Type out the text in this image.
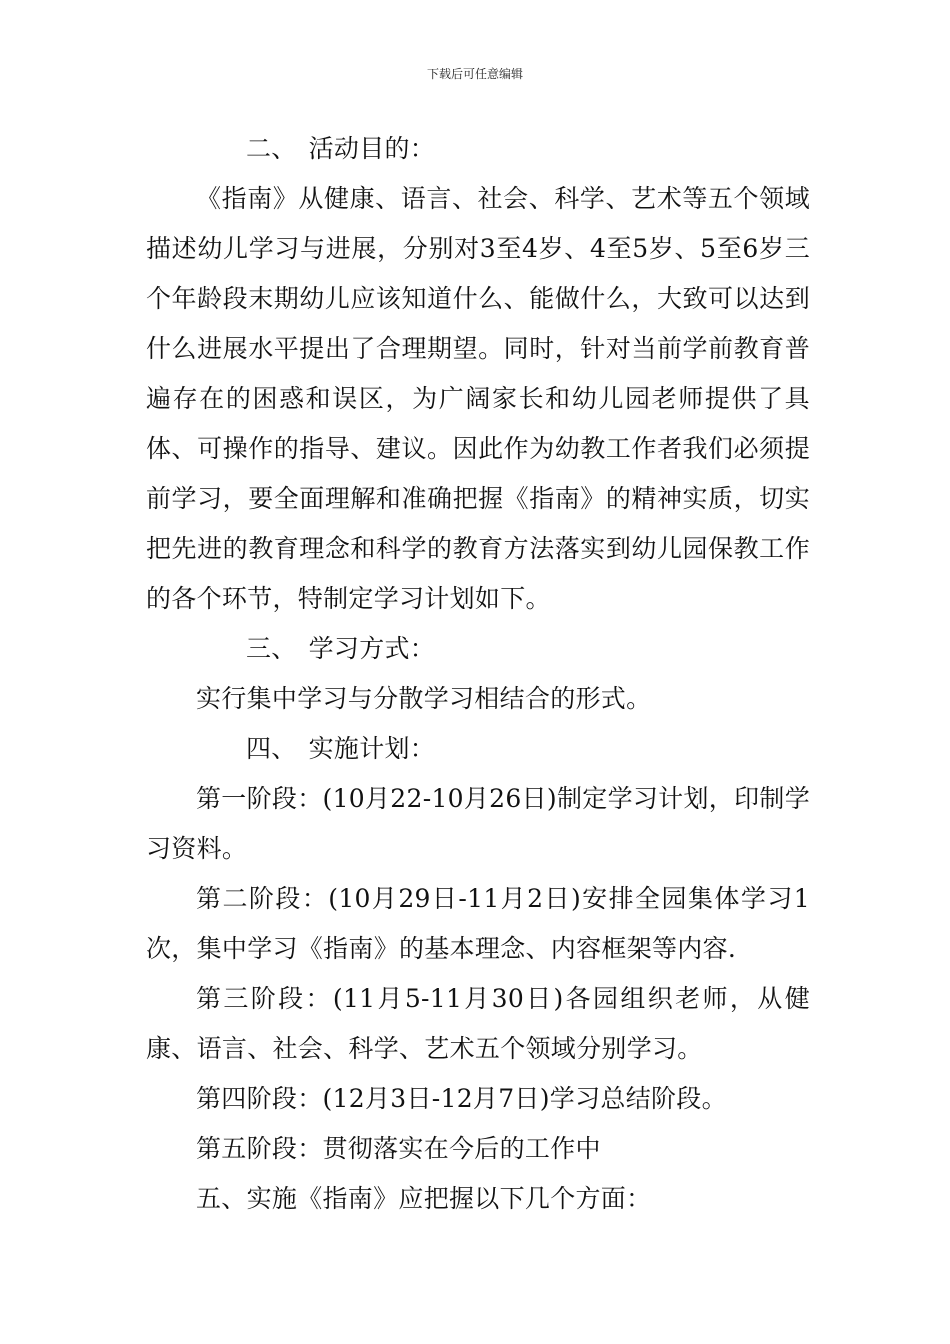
下载后可任意编辑

二、 活动目的：

《指南》从健康、语言、社会、科学、艺术等五个领域描述幼儿学习与进展，分别对3至4岁、4至5岁、5至6岁三个年龄段末期幼儿应该知道什么、能做什么，大致可以达到什么进展水平提出了合理期望。同时，针对当前学前教育普遍存在的困惑和误区，为广阔家长和幼儿园老师提供了具体、可操作的指导、建议。因此作为幼教工作者我们必须提前学习，要全面理解和准确把握《指南》的精神实质，切实把先进的教育理念和科学的教育方法落实到幼儿园保教工作的各个环节，特制定学习计划如下。

三、 学习方式：

实行集中学习与分散学习相结合的形式。

四、 实施计划：

第一阶段：(10月22-10月26日)制定学习计划，印制学习资料。

第二阶段：(10月29日-11月2日)安排全园集体学习1次，集中学习《指南》的基本理念、内容框架等内容.

第三阶段：(11月5-11月30日)各园组织老师，从健康、语言、社会、科学、艺术五个领域分别学习。

第四阶段：(12月3日-12月7日)学习总结阶段。

第五阶段：贯彻落实在今后的工作中

五、实施《指南》应把握以下几个方面：
